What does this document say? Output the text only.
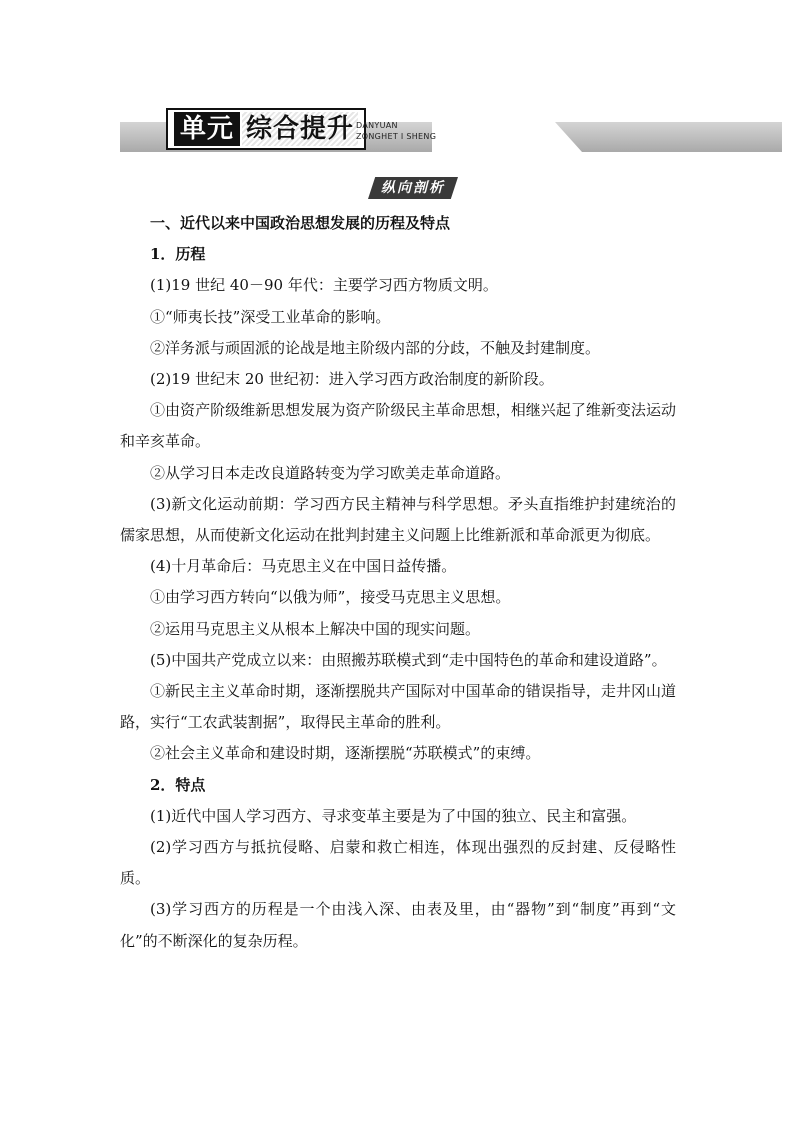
单元 综合提升 DANYUAN
ZONGHET I SHENG
纵向剖析

一、近代以来中国政治思想发展的历程及特点

1．历程

(1)19 世纪 40－90 年代：主要学习西方物质文明。

①“师夷长技”深受工业革命的影响。

②洋务派与顽固派的论战是地主阶级内部的分歧，不触及封建制度。

(2)19 世纪末 20 世纪初：进入学习西方政治制度的新阶段。

①由资产阶级维新思想发展为资产阶级民主革命思想，相继兴起了维新变法运动和辛亥革命。

②从学习日本走改良道路转变为学习欧美走革命道路。

(3)新文化运动前期：学习西方民主精神与科学思想。矛头直指维护封建统治的儒家思想，从而使新文化运动在批判封建主义问题上比维新派和革命派更为彻底。

(4)十月革命后：马克思主义在中国日益传播。

①由学习西方转向“以俄为师”，接受马克思主义思想。

②运用马克思主义从根本上解决中国的现实问题。

(5)中国共产党成立以来：由照搬苏联模式到“走中国特色的革命和建设道路”。

①新民主主义革命时期，逐渐摆脱共产国际对中国革命的错误指导，走井冈山道路，实行“工农武装割据”，取得民主革命的胜利。

②社会主义革命和建设时期，逐渐摆脱“苏联模式”的束缚。

2．特点

(1)近代中国人学习西方、寻求变革主要是为了中国的独立、民主和富强。

(2)学习西方与抵抗侵略、启蒙和救亡相连，体现出强烈的反封建、反侵略性质。

(3)学习西方的历程是一个由浅入深、由表及里，由“器物”到“制度”再到“文化”的不断深化的复杂历程。
